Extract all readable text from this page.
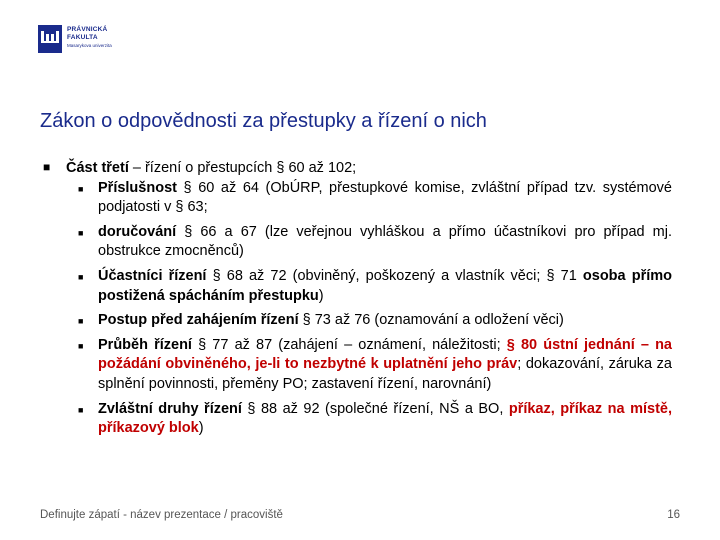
PRÁVNICKÁ
FAKULTA
Masarykova univerzita
Zákon o odpovědnosti za přestupky a řízení o nich
■ Část třetí – řízení o přestupcích § 60 až 102;
■ Příslušnost § 60 až 64 (ObÚRP, přestupkové komise, zvláštní případ tzv. systémové podjatosti v § 63;
■ doručování § 66 a 67 (lze veřejnou vyhláškou a přímo účastníkovi pro případ mj. obstrukce zmocněnců)
■ Účastníci řízení § 68 až 72 (obviněný, poškozený a vlastník věci; § 71 osoba přímo postižená spácháním přestupku)
■ Postup před zahájením řízení § 73 až 76 (oznamování a odložení věci)
■ Průběh řízení § 77 až 87 (zahájení – oznámení, náležitosti; § 80 ústní jednání – na požádání obviněného, je-li to nezbytné k uplatnění jeho práv; dokazování, záruka za splnění povinnosti, přeměny PO; zastavení řízení, narovnání)
■ Zvláštní druhy řízení § 88 až 92 (společné řízení, NŠ a BO, příkaz, příkaz na místě, příkazový blok)
Definujte zápatí - název prezentace / pracoviště	16
